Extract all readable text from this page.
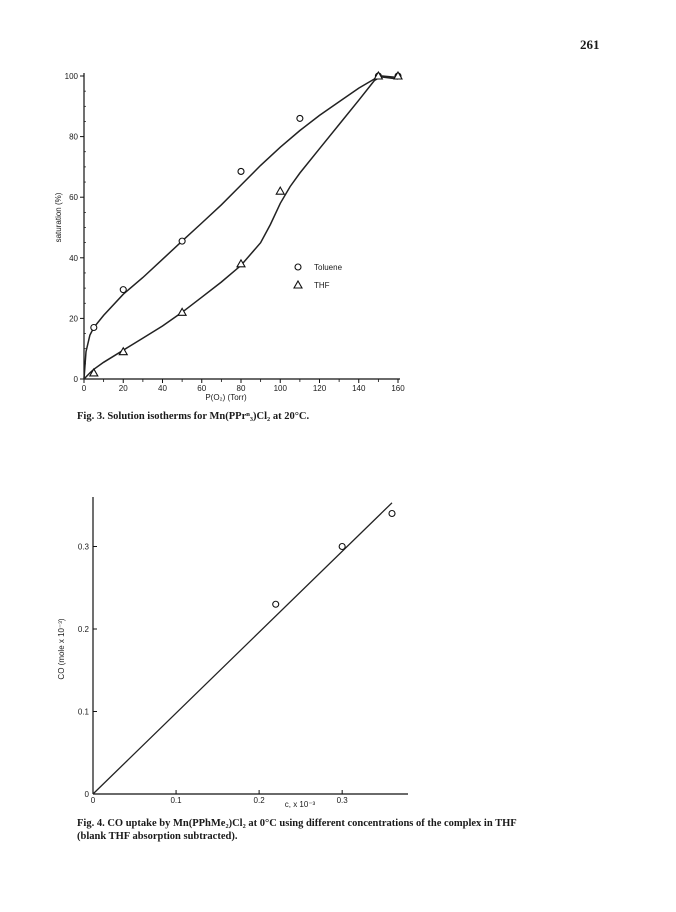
261
0	20	40	60	80	100	120	140	160
0
20
40
60
80
100
P(O₂) (Torr)
saturation (%)
Toluene
THF
0	0.1	0.2	0.3
0
0.1
0.2
0.3
c, x 10⁻³
CO (mole x 10⁻³)
Fig. 3. Solution isotherms for Mn(PPrⁿ₃)Cl₂ at 20°C.
Fig. 4. CO uptake by Mn(PPhMe₂)Cl₂ at 0°C using different concentrations of the complex in THF
(blank THF absorption subtracted).
